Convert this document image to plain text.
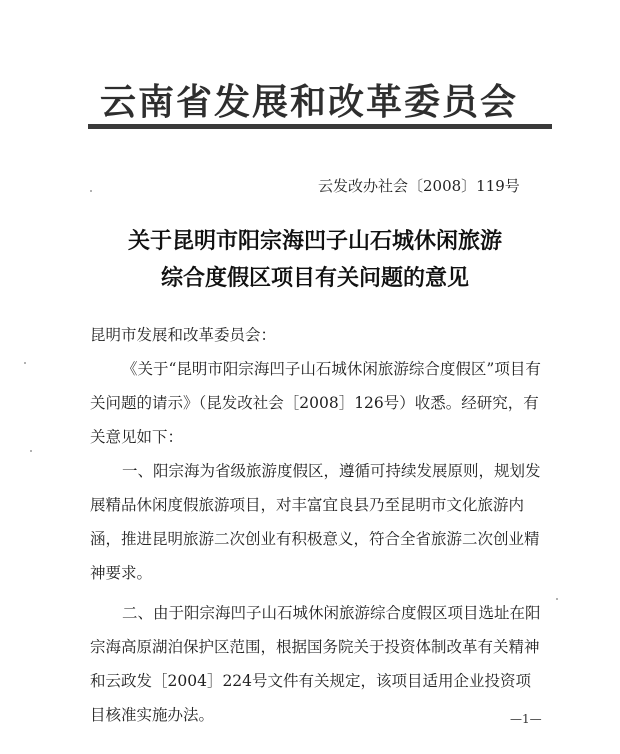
云南省发展和改革委员会
云发改办社会〔2008〕119号
关于昆明市阳宗海凹子山石城休闲旅游
综合度假区项目有关问题的意见

昆明市发展和改革委员会：

《关于“昆明市阳宗海凹子山石城休闲旅游综合度假区”项目有关问题的请示》（昆发改社会［2008］126号）收悉。经研究，有关意见如下：

一、阳宗海为省级旅游度假区，遵循可持续发展原则，规划发展精品休闲度假旅游项目，对丰富宜良县乃至昆明市文化旅游内涵，推进昆明旅游二次创业有积极意义，符合全省旅游二次创业精神要求。

二、由于阳宗海凹子山石城休闲旅游综合度假区项目选址在阳宗海高原湖泊保护区范围，根据国务院关于投资体制改革有关精神和云政发［2004］224号文件有关规定，该项目适用企业投资项目核准实施办法。	—1—
